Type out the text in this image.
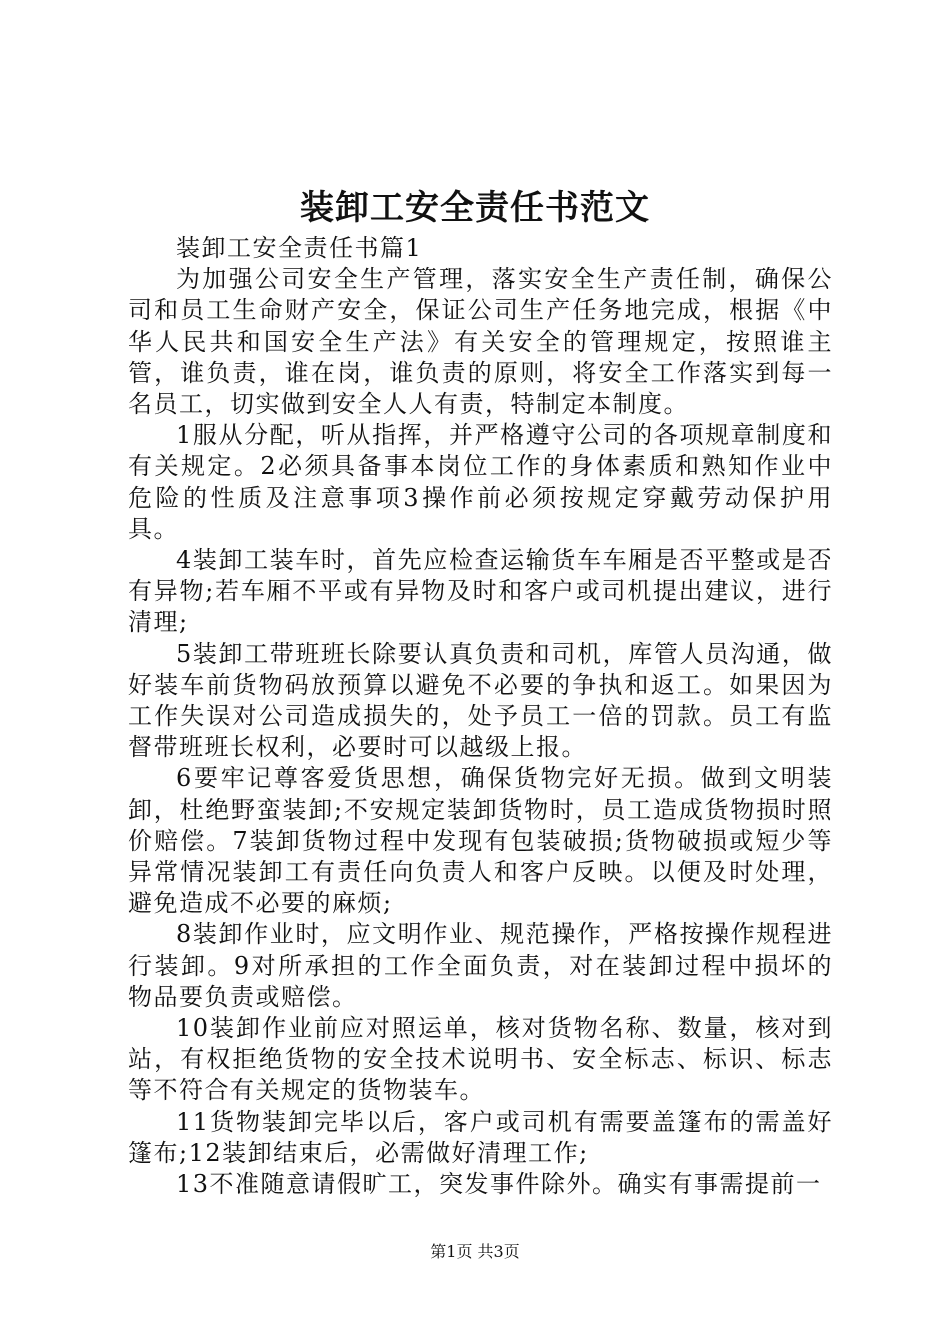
装卸工安全责任书范文

装卸工安全责任书篇1

为加强公司安全生产管理，落实安全生产责任制，确保公司和员工生命财产安全，保证公司生产任务地完成，根据《中华人民共和国安全生产法》有关安全的管理规定，按照谁主管，谁负责，谁在岗，谁负责的原则，将安全工作落实到每一名员工，切实做到安全人人有责，特制定本制度。

1服从分配，听从指挥，并严格遵守公司的各项规章制度和有关规定。2必须具备事本岗位工作的身体素质和熟知作业中危险的性质及注意事项3操作前必须按规定穿戴劳动保护用具。

4装卸工装车时，首先应检查运输货车车厢是否平整或是否有异物;若车厢不平或有异物及时和客户或司机提出建议，进行清理;

5装卸工带班班长除要认真负责和司机，库管人员沟通，做好装车前货物码放预算以避免不必要的争执和返工。如果因为工作失误对公司造成损失的，处予员工一倍的罚款。员工有监督带班班长权利，必要时可以越级上报。

6要牢记尊客爱货思想，确保货物完好无损。做到文明装卸，杜绝野蛮装卸;不安规定装卸货物时，员工造成货物损时照价赔偿。7装卸货物过程中发现有包装破损;货物破损或短少等异常情况装卸工有责任向负责人和客户反映。以便及时处理，避免造成不必要的麻烦;

8装卸作业时，应文明作业、规范操作，严格按操作规程进行装卸。9对所承担的工作全面负责，对在装卸过程中损坏的物品要负责或赔偿。

10装卸作业前应对照运单，核对货物名称、数量，核对到站，有权拒绝货物的安全技术说明书、安全标志、标识、标志等不符合有关规定的货物装车。

11货物装卸完毕以后，客户或司机有需要盖篷布的需盖好篷布;12装卸结束后，必需做好清理工作;

13不准随意请假旷工，突发事件除外。确实有事需提前一

第1页 共3页
